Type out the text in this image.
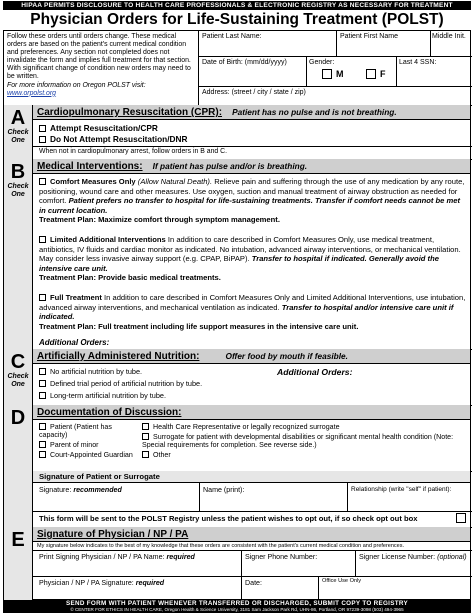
HIPAA PERMITS DISCLOSURE TO HEALTH CARE PROFESSIONALS & ELECTRONIC REGISTRY AS NECESSARY FOR TREATMENT
Physician Orders for Life-Sustaining Treatment (POLST)
Follow these orders until orders change. These medical orders are based on the patient's current medical condition and preferences. Any section not completed does not invalidate the form and implies full treatment for that section. With significant change of condition new orders may need to be written.
For more information on Oregon POLST visit:
www.orpolst.org
Patient Last Name:	Patient First Name	Middle Init.
Date of Birth: (mm/dd/yyyy)	Gender:
M	F
Last 4 SSN:
Address: (street / city / state / zip)
A
Check One
Cardiopulmonary Resuscitation (CPR): Patient has no pulse and is not breathing.
Attempt Resuscitation/CPR
Do Not Attempt Resuscitation/DNR
When not in cardiopulmonary arrest, follow orders in B and C.
B
Check One
Medical Interventions: If patient has pulse and/or is breathing.
Comfort Measures Only (Allow Natural Death). Relieve pain and suffering through the use of any medication by any route, positioning, wound care and other measures. Use oxygen, suction and manual treatment of airway obstruction as needed for comfort. Patient prefers no transfer to hospital for life-sustaining treatments. Transfer if comfort needs cannot be met in current location.
Treatment Plan: Maximize comfort through symptom management.
Limited Additional Interventions In addition to care described in Comfort Measures Only, use medical treatment, antibiotics, IV fluids and cardiac monitor as indicated. No intubation, advanced airway interventions, or mechanical ventilation. May consider less invasive airway support (e.g. CPAP, BiPAP). Transfer to hospital if indicated. Generally avoid the intensive care unit.
Treatment Plan: Provide basic medical treatments.
Full Treatment In addition to care described in Comfort Measures Only and Limited Additional Interventions, use intubation, advanced airway interventions, and mechanical ventilation as indicated. Transfer to hospital and/or intensive care unit if indicated.
Treatment Plan: Full treatment including life support measures in the intensive care unit.
Additional Orders:
C
Check One
Artificially Administered Nutrition:	Offer food by mouth if feasible.
No artificial nutrition by tube.
Defined trial period of artificial nutrition by tube.
Long-term artificial nutrition by tube.
Additional Orders:
D	Documentation of Discussion:
Patient (Patient has capacity)
Parent of minor
Court-Appointed Guardian
Health Care Representative or legally recognized surrogate
Surrogate for patient with developmental disabilities or significant mental health condition (Note: Special requirements for completion. See reverse side.)
Other
Signature of Patient or Surrogate
Signature: recommended	Name (print):	Relationship (write "self" if patient):
This form will be sent to the POLST Registry unless the patient wishes to opt out, if so check opt out box
E	Signature of Physician / NP / PA
My signature below indicates to the best of my knowledge that these orders are consistent with the patient's current medical condition and preferences.
Print Signing Physician / NP / PA Name: required	Signer Phone Number:	Signer License Number: (optional)
Physician / NP / PA Signature: required	Date:	Office Use Only
SEND FORM WITH PATIENT WHENEVER TRANSFERRED OR DISCHARGED, SUBMIT COPY TO REGISTRY
© CENTER FOR ETHICS IN HEALTH CARE, Oregon Health & Science University, 3181 Sam Jackson Park Rd, UHN-86, Portland, OR 97239-3098 (503) 494-3965
